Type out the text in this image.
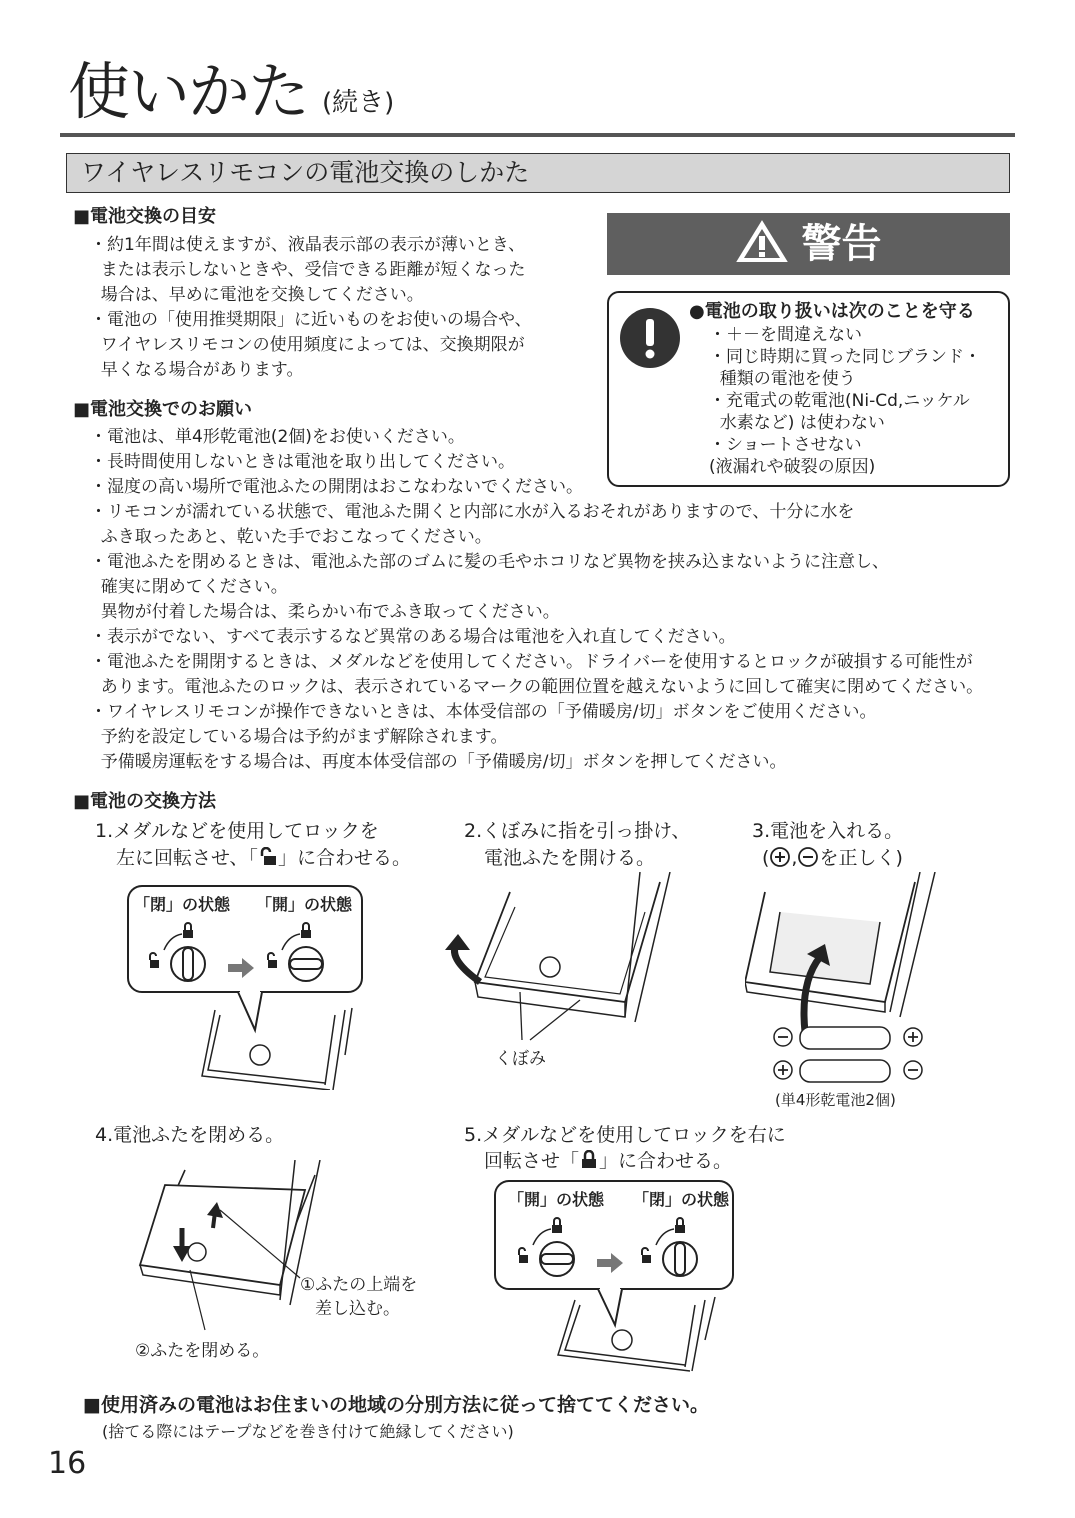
使いかた (続き)
ワイヤレスリモコンの電池交換のしかた
■電池交換の目安
・約1年間は使えますが、液晶表示部の表示が薄いとき、
または表示しないときや、受信できる距離が短くなった
場合は、早めに電池を交換してください。
・電池の「使用推奨期限」に近いものをお使いの場合や、
ワイヤレスリモコンの使用頻度によっては、交換期限が
早くなる場合があります。
警告
●電池の取り扱いは次のことを守る
・＋－を間違えない
・同じ時期に買った同じブランド・
種類の電池を使う
・充電式の乾電池(Ni-Cd,ニッケル
水素など) は使わない
・ショートさせない
(液漏れや破裂の原因)
■電池交換でのお願い
・電池は、単4形乾電池(2個)をお使いください。
・長時間使用しないときは電池を取り出してください。
・湿度の高い場所で電池ふたの開閉はおこなわないでください。
・リモコンが濡れている状態で、電池ふた開くと内部に水が入るおそれがありますので、十分に水を
ふき取ったあと、乾いた手でおこなってください。
・電池ふたを閉めるときは、電池ふた部のゴムに髪の毛やホコリなど異物を挟み込まないように注意し、
確実に閉めてください。
異物が付着した場合は、柔らかい布でふき取ってください。
・表示がでない、すべて表示するなど異常のある場合は電池を入れ直してください。
・電池ふたを開閉するときは、メダルなどを使用してください。ドライバーを使用するとロックが破損する可能性が
あります。電池ふたのロックは、表示されているマークの範囲位置を越えないように回して確実に閉めてください。
・ワイヤレスリモコンが操作できないときは、本体受信部の「予備暖房/切」ボタンをご使用ください。
予約を設定している場合は予約がまず解除されます。
予備暖房運転をする場合は、再度本体受信部の「予備暖房/切」ボタンを押してください。
■電池の交換方法
1.メダルなどを使用してロックを
左に回転させ、「 」に合わせる。
2.くぼみに指を引っ掛け、
電池ふたを開ける。
3.電池を入れる。
( , を正しく)
「閉」の状態 「開」の状態
くぼみ
(単4形乾電池2個)
4.電池ふたを閉める。
①ふたの上端を
差し込む。
②ふたを閉める。
5.メダルなどを使用してロックを右に
回転させ「 」に合わせる。
「開」の状態 「閉」の状態
■使用済みの電池はお住まいの地域の分別方法に従って捨ててください。
(捨てる際にはテープなどを巻き付けて絶縁してください)
16
